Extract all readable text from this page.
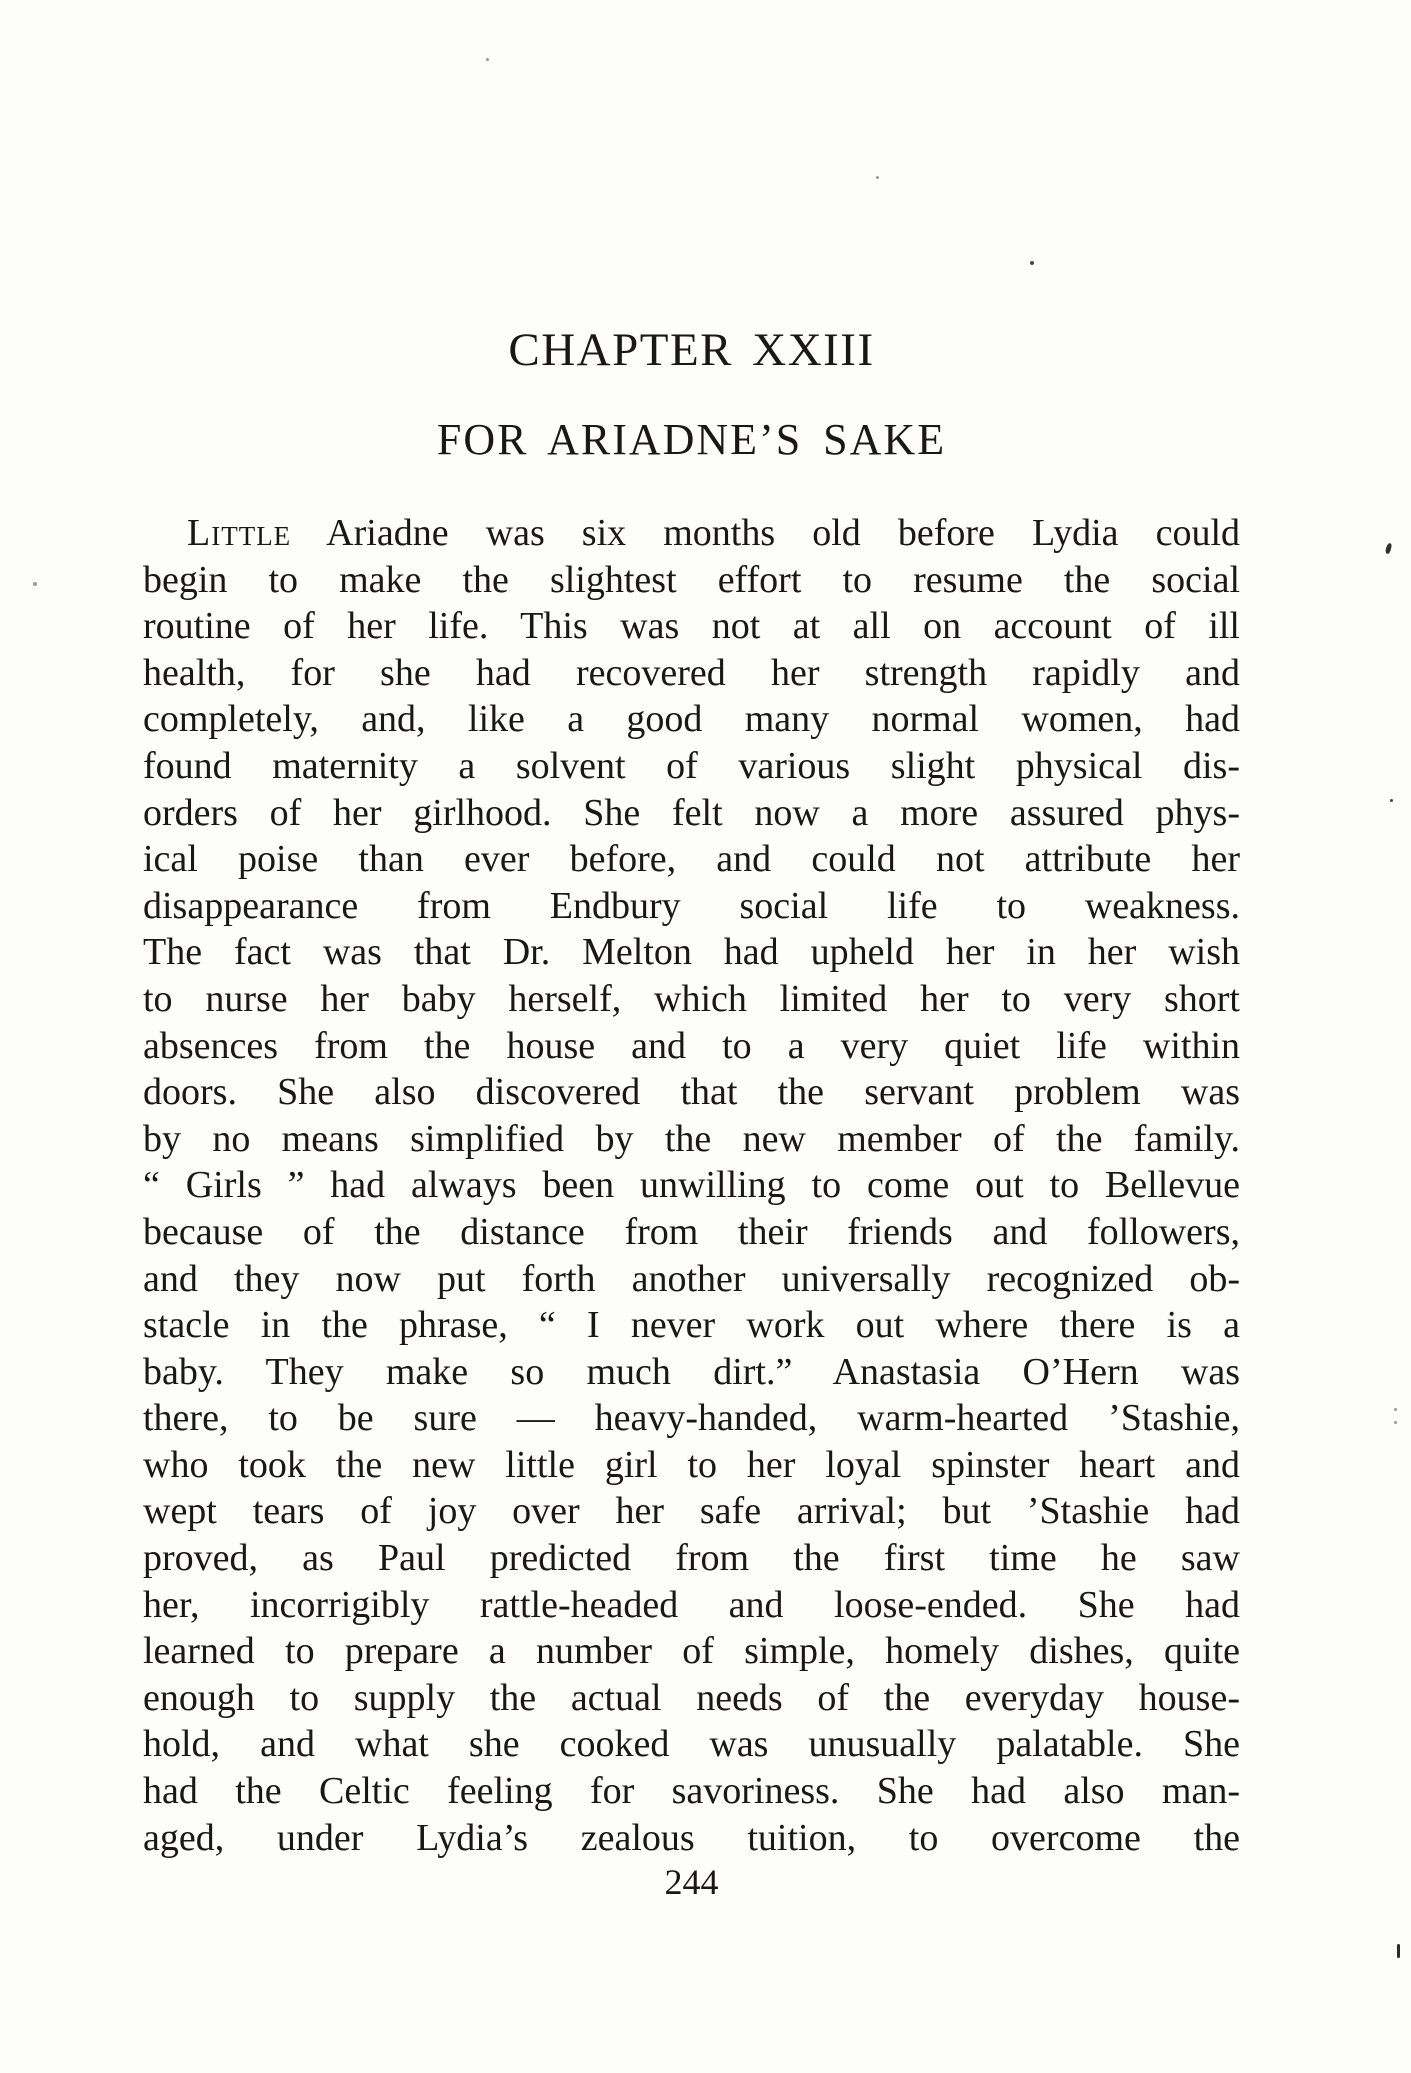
CHAPTER XXIII
FOR ARIADNE’S SAKE
Little Ariadne was six months old before Lydia could
begin to make the slightest effort to resume the social
routine of her life. This was not at all on account of ill
health, for she had recovered her strength rapidly and
completely, and, like a good many normal women, had
found maternity a solvent of various slight physical dis-
orders of her girlhood. She felt now a more assured phys-
ical poise than ever before, and could not attribute her
disappearance from Endbury social life to weakness.
The fact was that Dr. Melton had upheld her in her wish
to nurse her baby herself, which limited her to very short
absences from the house and to a very quiet life within
doors. She also discovered that the servant problem was
by no means simplified by the new member of the family.
“ Girls ” had always been unwilling to come out to Bellevue
because of the distance from their friends and followers,
and they now put forth another universally recognized ob-
stacle in the phrase, “ I never work out where there is a
baby. They make so much dirt.” Anastasia O’Hern was
there, to be sure — heavy-handed, warm-hearted ’Stashie,
who took the new little girl to her loyal spinster heart and
wept tears of joy over her safe arrival; but ’Stashie had
proved, as Paul predicted from the first time he saw
her, incorrigibly rattle-headed and loose-ended. She had
learned to prepare a number of simple, homely dishes, quite
enough to supply the actual needs of the everyday house-
hold, and what she cooked was unusually palatable. She
had the Celtic feeling for savoriness. She had also man-
aged, under Lydia’s zealous tuition, to overcome the
244
